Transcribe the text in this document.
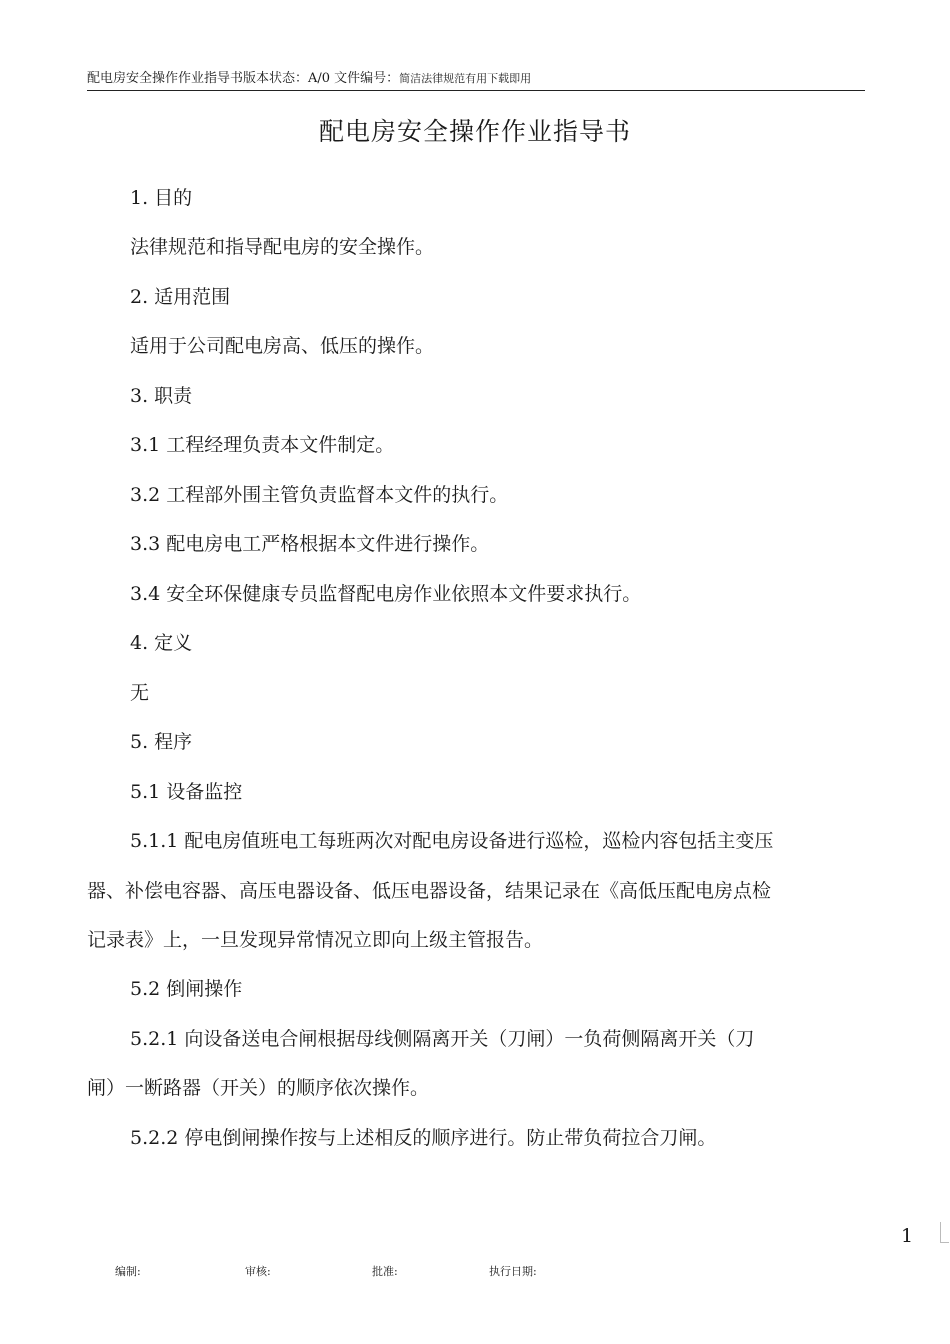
配电房安全操作作业指导书版本状态：A/0 文件编号：简洁法律规范有用下载即用
配电房安全操作作业指导书
1. 目的
法律规范和指导配电房的安全操作。
2. 适用范围
适用于公司配电房高、低压的操作。
3. 职责
3.1 工程经理负责本文件制定。
3.2 工程部外围主管负责监督本文件的执行。
3.3 配电房电工严格根据本文件进行操作。
3.4 安全环保健康专员监督配电房作业依照本文件要求执行。
4. 定义
无
5. 程序
5.1 设备监控
5.1.1 配电房值班电工每班两次对配电房设备进行巡检，巡检内容包括主变压
器、补偿电容器、高压电器设备、低压电器设备，结果记录在《高低压配电房点检
记录表》上，一旦发现异常情况立即向上级主管报告。
5.2 倒闸操作
5.2.1 向设备送电合闸根据母线侧隔离开关（刀闸）一负荷侧隔离开关（刀
闸）一断路器（开关）的顺序依次操作。
5.2.2 停电倒闸操作按与上述相反的顺序进行。防止带负荷拉合刀闸。
1
编制:	审核:	批准:	执行日期:
